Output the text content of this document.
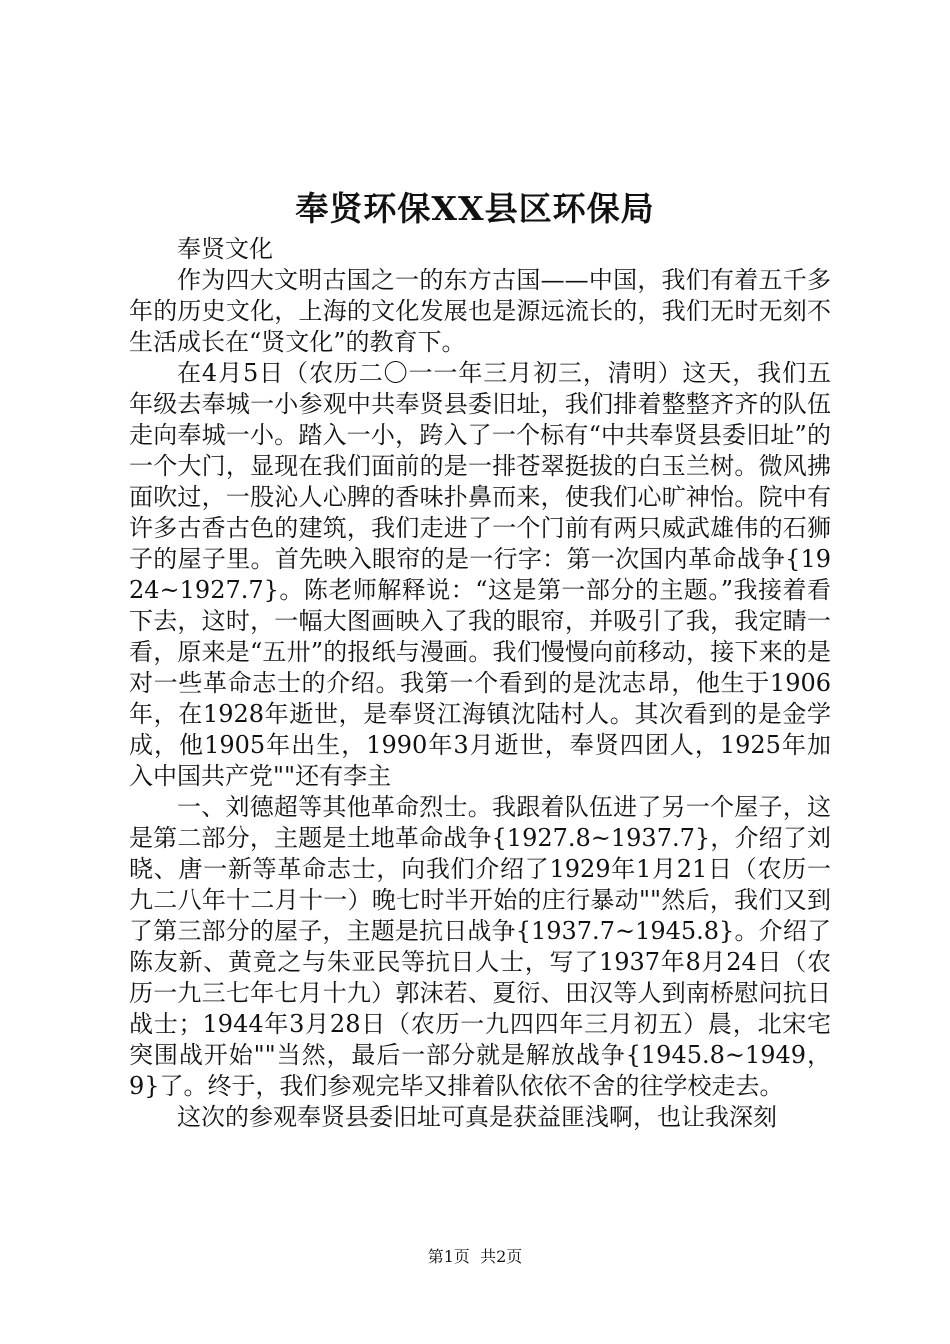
奉贤环保XX县区环保局

奉贤文化

作为四大文明古国之一的东方古国——中国，我们有着五千多年的历史文化，上海的文化发展也是源远流长的，我们无时无刻不生活成长在“贤文化”的教育下。

在4月5日（农历二〇一一年三月初三，清明）这天，我们五年级去奉城一小参观中共奉贤县委旧址，我们排着整整齐齐的队伍走向奉城一小。踏入一小，跨入了一个标有“中共奉贤县委旧址”的一个大门，显现在我们面前的是一排苍翠挺拔的白玉兰树。微风拂面吹过，一股沁人心脾的香味扑鼻而来，使我们心旷神怡。院中有许多古香古色的建筑，我们走进了一个门前有两只威武雄伟的石狮子的屋子里。首先映入眼帘的是一行字：第一次国内革命战争{1924~1927.7}。陈老师解释说：“这是第一部分的主题。”我接着看下去，这时，一幅大图画映入了我的眼帘，并吸引了我，我定睛一看，原来是“五卅”的报纸与漫画。我们慢慢向前移动，接下来的是对一些革命志士的介绍。我第一个看到的是沈志昂，他生于1906年，在1928年逝世，是奉贤江海镇沈陆村人。其次看到的是金学成，他1905年出生，1990年3月逝世，奉贤四团人，1925年加入中国共产党""还有李主

一、刘德超等其他革命烈士。我跟着队伍进了另一个屋子，这是第二部分，主题是土地革命战争{1927.8~1937.7}，介绍了刘晓、唐一新等革命志士，向我们介绍了1929年1月21日（农历一九二八年十二月十一）晚七时半开始的庄行暴动""然后，我们又到了第三部分的屋子，主题是抗日战争{1937.7~1945.8}。介绍了陈友新、黄竟之与朱亚民等抗日人士，写了1937年8月24日（农历一九三七年七月十九）郭沫若、夏衍、田汉等人到南桥慰问抗日战士；1944年3月28日（农历一九四四年三月初五）晨，北宋宅突围战开始""当然，最后一部分就是解放战争{1945.8~1949，9}了。终于，我们参观完毕又排着队依依不舍的往学校走去。

这次的参观奉贤县委旧址可真是获益匪浅啊，也让我深刻

第1页 共2页
